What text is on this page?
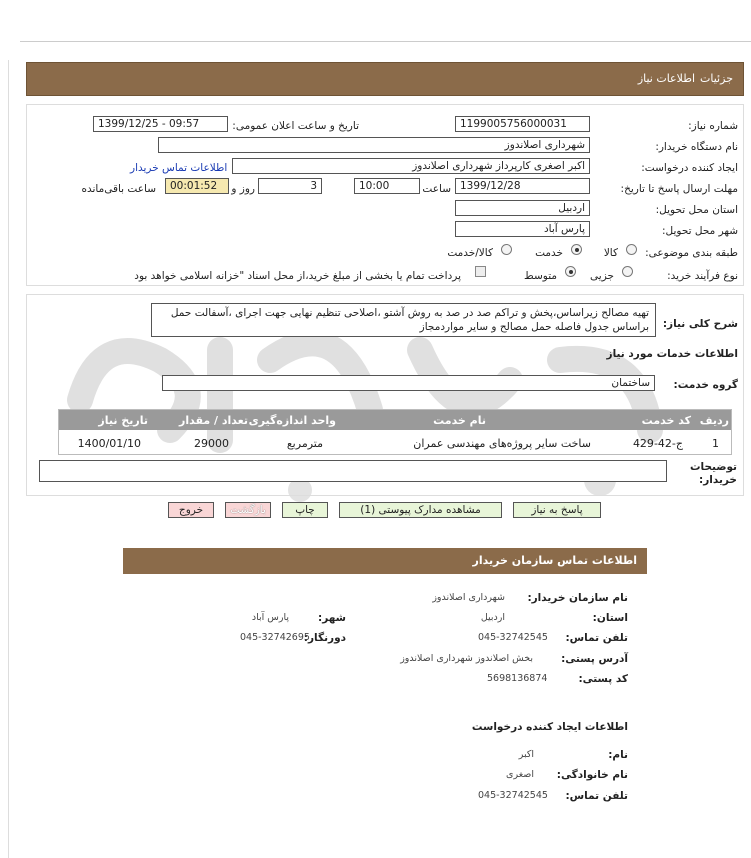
جزئیات
اطلاعات نیاز
شماره نیاز:
1199005756000031
تاریخ و ساعت اعلان عمومی:
1399/12/25 - 09:57
نام دستگاه خریدار:
شهرداری اصلاندوز
ایجاد کننده درخواست:
اکبر اصغری کارپرداز شهرداری اصلاندوز
اطلاعات تماس خریدار
مهلت ارسال پاسخ تا تاریخ:
1399/12/28
ساعت
10:00
3
روز و
00:01:52
ساعت باقی‌مانده
استان محل تحویل:
اردبیل
شهر محل تحویل:
پارس آباد
طبقه بندی موضوعی:
کالا
خدمت
کالا/خدمت
نوع فرآیند خرید:
جزیی
متوسط
پرداخت تمام یا بخشی از مبلغ خرید،از محل اسناد "خزانه اسلامی خواهد بود
شرح کلی نیاز:
تهیه مصالح زیراساس،پخش و تراکم صد در صد به روش آشتو ،اصلاحی تنظیم نهایی جهت اجرای ،آسفالت حمل براساس جدول فاصله حمل مصالح و سایر مواردمجاز
اطلاعات خدمات مورد نیاز
گروه خدمت:
ساختمان
ردیف
کد خدمت
نام خدمت
واحد اندازه‌گیری
تعداد / مقدار
تاریخ نیاز
1
ج-42-429
ساخت سایر پروژه‌های مهندسی عمران
مترمربع
29000
1400/01/10
توضیحات خریدار:
پاسخ به نیاز
مشاهده مدارک پیوستی (1)
چاپ
بازگشت
خروج
اطلاعات تماس سازمان خریدار
نام سازمان خریدار:
شهرداری اصلاندوز
استان:
اردبیل
شهر:
پارس آباد
تلفن تماس:
045-32742545
دورنگار:
045-32742695
آدرس پستی:
بخش اصلاندوز شهرداری اصلاندوز
کد پستی:
5698136874
اطلاعات ایجاد کننده درخواست
نام:
اکبر
نام خانوادگی:
اصغری
تلفن تماس:
045-32742545
